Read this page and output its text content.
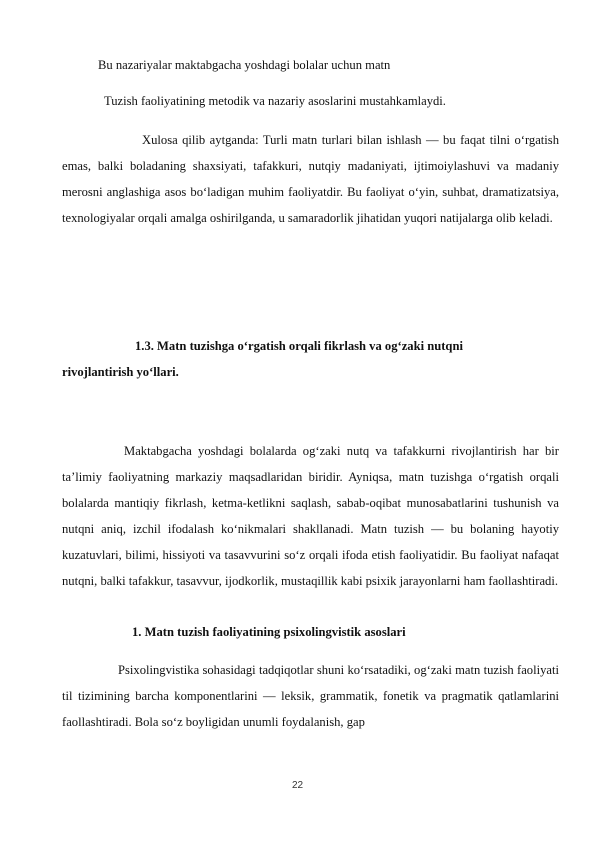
Bu nazariyalar maktabgacha yoshdagi bolalar uchun matn
Tuzish faoliyatining metodik va nazariy asoslarini mustahkamlaydi.

Xulosa qilib aytganda: Turli matn turlari bilan ishlash — bu faqat tilni o‘rgatish emas, balki boladaning shaxsiyati, tafakkuri, nutqiy madaniyati, ijtimoiylashuvi va madaniy merosni anglashiga asos bo‘ladigan muhim faoliyatdir. Bu faoliyat o‘yin, suhbat, dramatizatsiya, texnologiyalar orqali amalga oshirilganda, u samaradorlik jihatidan yuqori natijalarga olib keladi.

1.3. Matn tuzishga o‘rgatish orqali fikrlash va og‘zaki nutqni
rivojlantirish yo‘llari.

Maktabgacha yoshdagi bolalarda og‘zaki nutq va tafakkurni rivojlantirish har bir ta’limiy faoliyatning markaziy maqsadlaridan biridir. Ayniqsa, matn tuzishga o‘rgatish orqali bolalarda mantiqiy fikrlash, ketma-ketlikni saqlash, sabab-oqibat munosabatlarini tushunish va nutqni aniq, izchil ifodalash ko‘nikmalari shakllanadi. Matn tuzish — bu bolaning hayotiy kuzatuvlari, bilimi, hissiyoti va tasavvurini so‘z orqali ifoda etish faoliyatidir. Bu faoliyat nafaqat nutqni, balki tafakkur, tasavvur, ijodkorlik, mustaqillik kabi psixik jarayonlarni ham faollashtiradi.

1. Matn tuzish faoliyatining psixolingvistik asoslari

Psixolingvistika sohasidagi tadqiqotlar shuni ko‘rsatadiki, og‘zaki matn tuzish faoliyati til tizimining barcha komponentlarini — leksik, grammatik, fonetik va pragmatik qatlamlarini faollashtiradi. Bola so‘z boyligidan unumli foydalanish, gap

22
